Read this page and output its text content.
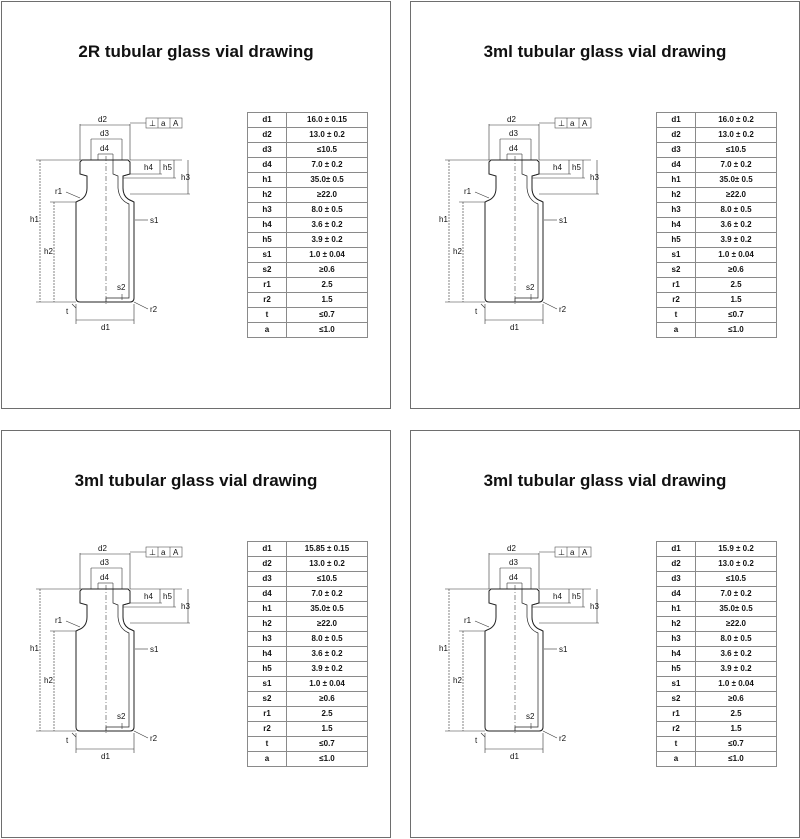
2R tubular glass vial drawing
d2
d3
d4
⊥ a A
h4 h5
h3
s1
h1
h2
r1
s2
t	r2
d1
d1	16.0 ± 0.15
d2	13.0 ± 0.2
d3	≤10.5
d4	7.0 ± 0.2
h1	35.0± 0.5
h2	≥22.0
h3	8.0 ± 0.5
h4	3.6 ± 0.2
h5	3.9 ± 0.2
s1	1.0 ± 0.04
s2	≥0.6
r1	2.5
r2	1.5
t	≤0.7
a	≤1.0
3ml tubular glass vial drawing
d2
d3
d4
⊥ a A
h4 h5
h3
s1
h1
h2
r1
s2
t	r2
d1
d1	16.0 ± 0.2
d2	13.0 ± 0.2
d3	≤10.5
d4	7.0 ± 0.2
h1	35.0± 0.5
h2	≥22.0
h3	8.0 ± 0.5
h4	3.6 ± 0.2
h5	3.9 ± 0.2
s1	1.0 ± 0.04
s2	≥0.6
r1	2.5
r2	1.5
t	≤0.7
a	≤1.0
3ml tubular glass vial drawing
d2
d3
d4
⊥ a A
h4 h5
h3
s1
h1
h2
r1
s2
t	r2
d1
d1	15.85 ± 0.15
d2	13.0 ± 0.2
d3	≤10.5
d4	7.0 ± 0.2
h1	35.0± 0.5
h2	≥22.0
h3	8.0 ± 0.5
h4	3.6 ± 0.2
h5	3.9 ± 0.2
s1	1.0 ± 0.04
s2	≥0.6
r1	2.5
r2	1.5
t	≤0.7
a	≤1.0
3ml tubular glass vial drawing
d2
d3
d4
⊥ a A
h4 h5
h3
s1
h1
h2
r1
s2
t	r2
d1
d1	15.9 ± 0.2
d2	13.0 ± 0.2
d3	≤10.5
d4	7.0 ± 0.2
h1	35.0± 0.5
h2	≥22.0
h3	8.0 ± 0.5
h4	3.6 ± 0.2
h5	3.9 ± 0.2
s1	1.0 ± 0.04
s2	≥0.6
r1	2.5
r2	1.5
t	≤0.7
a	≤1.0
